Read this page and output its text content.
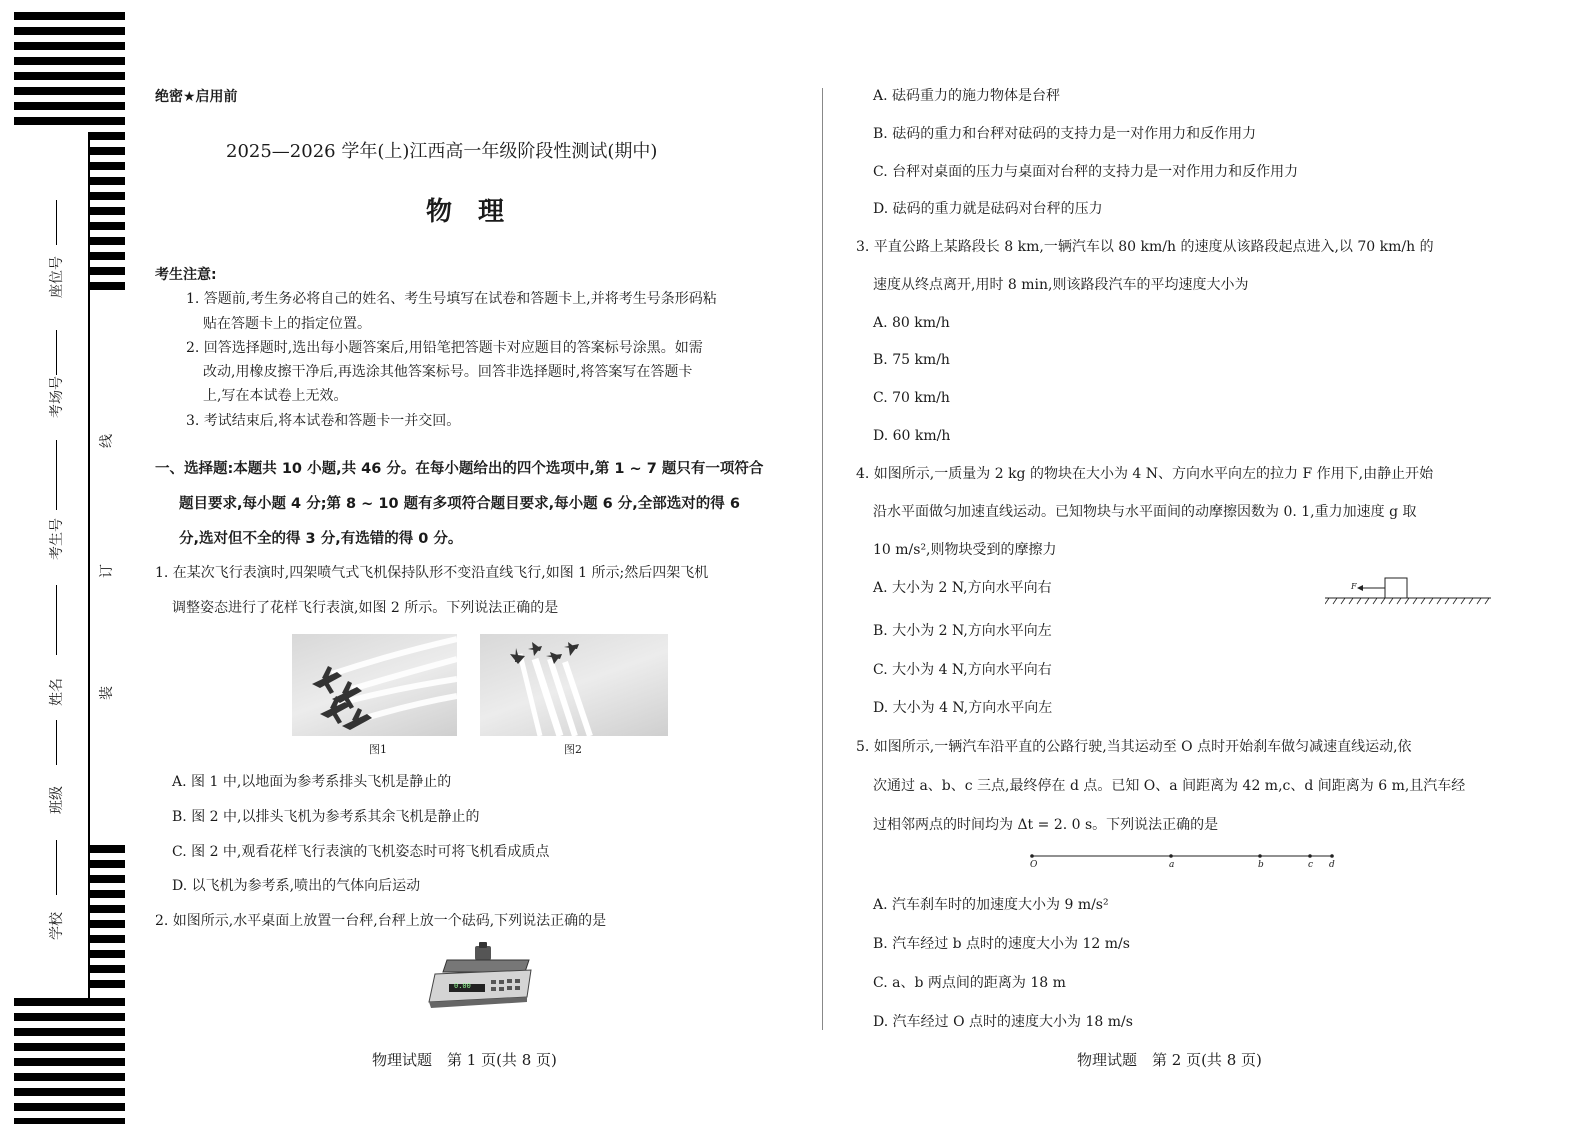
座位号
考场号
考生号
姓名
班级
学校
线
订
装
绝密★启用前
2025—2026 学年(上)江西高一年级阶段性测试(期中)
物　理
考生注意:
1. 答题前,考生务必将自己的姓名、考生号填写在试卷和答题卡上,并将考生号条形码粘
贴在答题卡上的指定位置。
2. 回答选择题时,选出每小题答案后,用铅笔把答题卡对应题目的答案标号涂黑。如需
改动,用橡皮擦干净后,再选涂其他答案标号。回答非选择题时,将答案写在答题卡
上,写在本试卷上无效。
3. 考试结束后,将本试卷和答题卡一并交回。
一、选择题:本题共 10 小题,共 46 分。在每小题给出的四个选项中,第 1 ~ 7 题只有一项符合
题目要求,每小题 4 分;第 8 ~ 10 题有多项符合题目要求,每小题 6 分,全部选对的得 6
分,选对但不全的得 3 分,有选错的得 0 分。
1. 在某次飞行表演时,四架喷气式飞机保持队形不变沿直线飞行,如图 1 所示;然后四架飞机
调整姿态进行了花样飞行表演,如图 2 所示。下列说法正确的是
图1	图2
A. 图 1 中,以地面为参考系排头飞机是静止的
B. 图 2 中,以排头飞机为参考系其余飞机是静止的
C. 图 2 中,观看花样飞行表演的飞机姿态时可将飞机看成质点
D. 以飞机为参考系,喷出的气体向后运动
2. 如图所示,水平桌面上放置一台秤,台秤上放一个砝码,下列说法正确的是
0.00
物理试题　第 1 页(共 8 页)
A. 砝码重力的施力物体是台秤
B. 砝码的重力和台秤对砝码的支持力是一对作用力和反作用力
C. 台秤对桌面的压力与桌面对台秤的支持力是一对作用力和反作用力
D. 砝码的重力就是砝码对台秤的压力
3. 平直公路上某路段长 8 km,一辆汽车以 80 km/h 的速度从该路段起点进入,以 70 km/h 的
速度从终点离开,用时 8 min,则该路段汽车的平均速度大小为
A. 80 km/h
B. 75 km/h
C. 70 km/h
D. 60 km/h
4. 如图所示,一质量为 2 kg 的物块在大小为 4 N、方向水平向左的拉力 F 作用下,由静止开始
沿水平面做匀加速直线运动。已知物块与水平面间的动摩擦因数为 0. 1,重力加速度 g 取
10 m/s²,则物块受到的摩擦力
F
A. 大小为 2 N,方向水平向右
B. 大小为 2 N,方向水平向左
C. 大小为 4 N,方向水平向右
D. 大小为 4 N,方向水平向左
5. 如图所示,一辆汽车沿平直的公路行驶,当其运动至 O 点时开始刹车做匀减速直线运动,依
次通过 a、b、c 三点,最终停在 d 点。已知 O、a 间距离为 42 m,c、d 间距离为 6 m,且汽车经
过相邻两点的时间均为 Δt = 2. 0 s。下列说法正确的是
O	a	b	c d
A. 汽车刹车时的加速度大小为 9 m/s²
B. 汽车经过 b 点时的速度大小为 12 m/s
C. a、b 两点间的距离为 18 m
D. 汽车经过 O 点时的速度大小为 18 m/s
物理试题　第 2 页(共 8 页)
